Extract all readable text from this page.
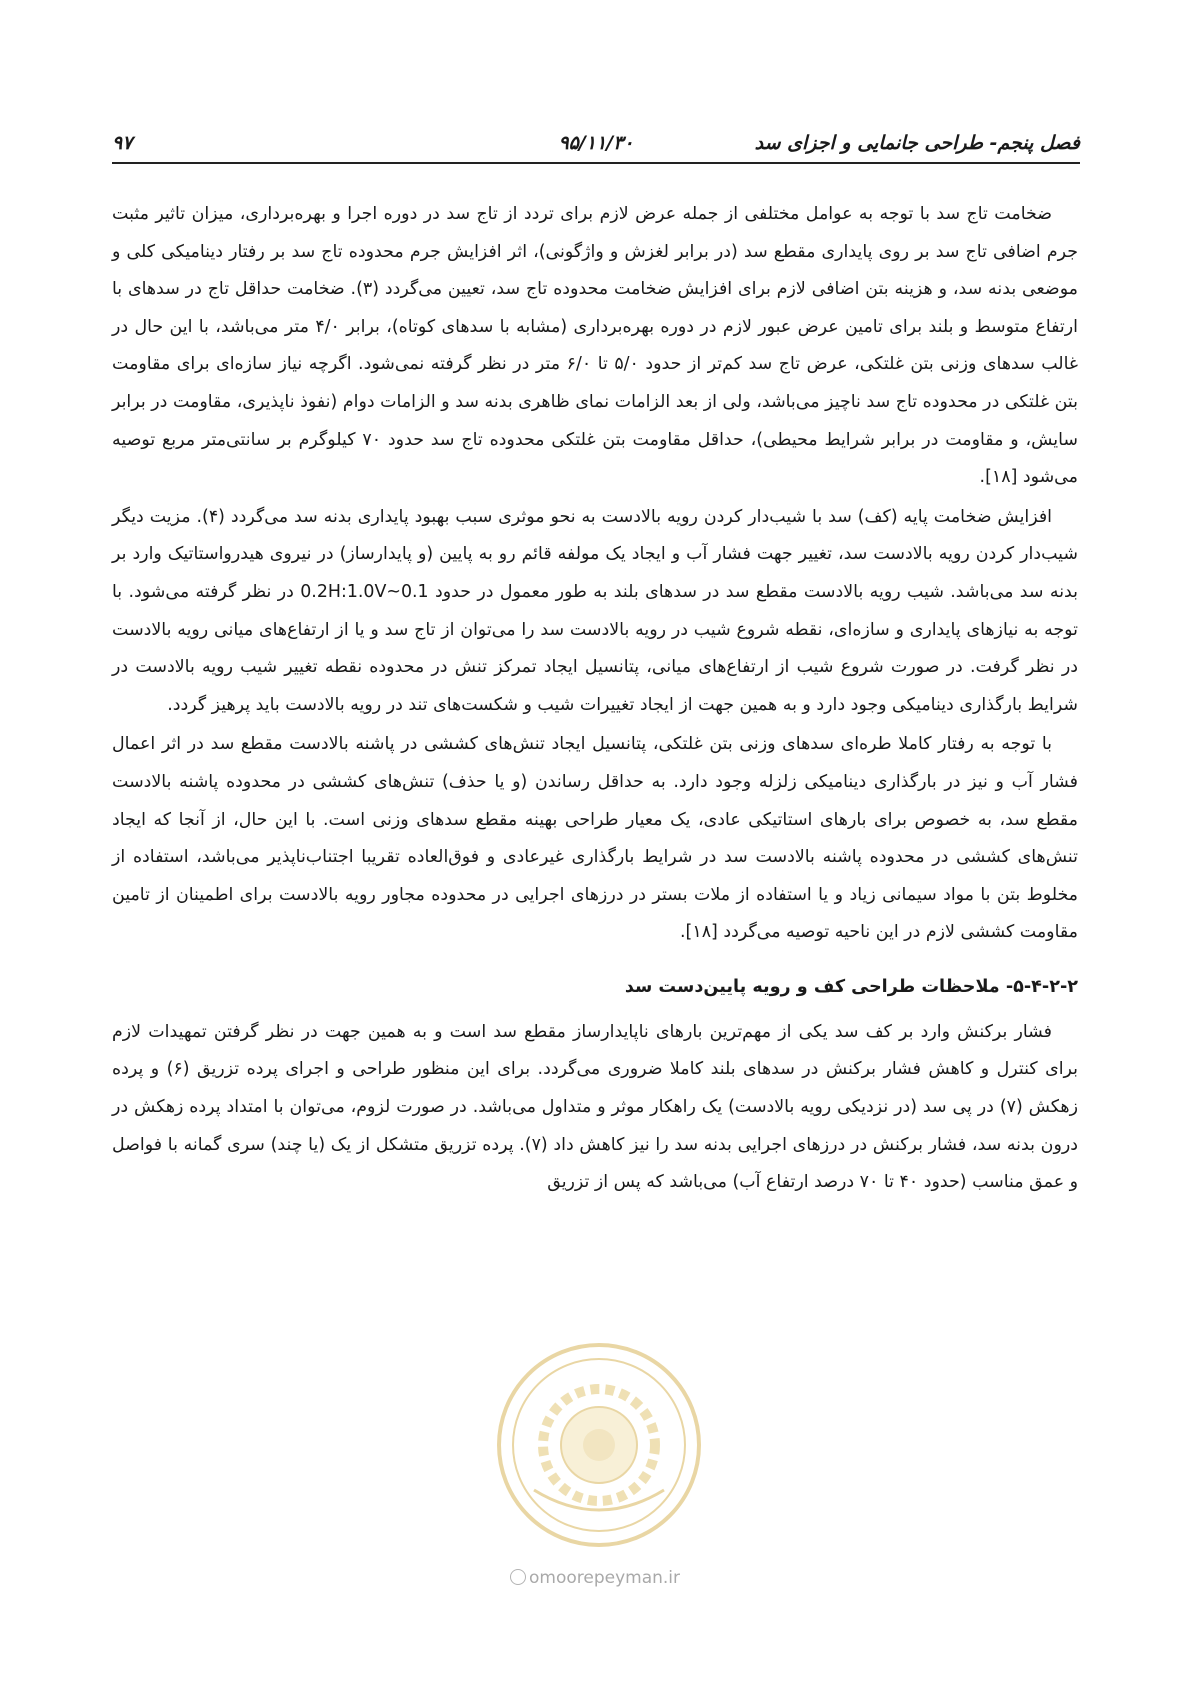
فصل پنجم- طراحی جانمایی و اجزای سد
۹۵/۱۱/۳۰
۹۷

ضخامت تاج سد با توجه به عوامل مختلفی از جمله عرض لازم برای تردد از تاج سد در دوره اجرا و بهره‌برداری، میزان تاثیر مثبت جرم اضافی تاج سد بر روی پایداری مقطع سد (در برابر لغزش و واژگونی)، اثر افزایش جرم محدوده تاج سد بر رفتار دینامیکی کلی و موضعی بدنه سد، و هزینه بتن اضافی لازم برای افزایش ضخامت محدوده تاج سد، تعیین می‌گردد (۳). ضخامت حداقل تاج در سدهای با ارتفاع متوسط و بلند برای تامین عرض عبور لازم در دوره بهره‌برداری (مشابه با سدهای کوتاه)، برابر ۴/۰ متر می‌باشد، با این حال در غالب سدهای وزنی بتن غلتکی، عرض تاج سد کم‌تر از حدود ۵/۰ تا ۶/۰ متر در نظر گرفته نمی‌شود. اگرچه نیاز سازه‌ای برای مقاومت بتن غلتکی در محدوده تاج سد ناچیز می‌باشد، ولی از بعد الزامات نمای ظاهری بدنه سد و الزامات دوام (نفوذ ناپذیری، مقاومت در برابر سایش، و مقاومت در برابر شرایط محیطی)، حداقل مقاومت بتن غلتکی محدوده تاج سد حدود ۷۰ کیلوگرم بر سانتی‌متر مربع توصیه می‌شود [۱۸].

افزایش ضخامت پایه (کف) سد با شیب‌دار کردن رویه بالادست به نحو موثری سبب بهبود پایداری بدنه سد می‌گردد (۴). مزیت دیگر شیب‌دار کردن رویه بالادست سد، تغییر جهت فشار آب و ایجاد یک مولفه قائم رو به پایین (و پایدارساز) در نیروی هیدرواستاتیک وارد بر بدنه سد می‌باشد. شیب رویه بالادست مقطع سد در سدهای بلند به طور معمول در حدود 0.1~0.2H:1.0V در نظر گرفته می‌شود. با توجه به نیازهای پایداری و سازه‌ای، نقطه شروع شیب در رویه بالادست سد را می‌توان از تاج سد و یا از ارتفاع‌های میانی رویه بالادست در نظر گرفت. در صورت شروع شیب از ارتفاع‌های میانی، پتانسیل ایجاد تمرکز تنش در محدوده نقطه تغییر شیب رویه بالادست در شرایط بارگذاری دینامیکی وجود دارد و به همین جهت از ایجاد تغییرات شیب و شکست‌های تند در رویه بالادست باید پرهیز گردد.

با توجه به رفتار کاملا طره‌ای سدهای وزنی بتن غلتکی، پتانسیل ایجاد تنش‌های کششی در پاشنه بالادست مقطع سد در اثر اعمال فشار آب و نیز در بارگذاری دینامیکی زلزله وجود دارد. به حداقل رساندن (و یا حذف) تنش‌های کششی در محدوده پاشنه بالادست مقطع سد، به خصوص برای بارهای استاتیکی عادی، یک معیار طراحی بهینه مقطع سدهای وزنی است. با این حال، از آنجا که ایجاد تنش‌های کششی در محدوده پاشنه بالادست سد در شرایط بارگذاری غیرعادی و فوق‌العاده تقریبا اجتناب‌ناپذیر می‌باشد، استفاده از مخلوط بتن با مواد سیمانی زیاد و یا استفاده از ملات بستر در درزهای اجرایی در محدوده مجاور رویه بالادست برای اطمینان از تامین مقاومت کششی لازم در این ناحیه توصیه می‌گردد [۱۸].

۵-۴-۲-۲- ملاحظات طراحی کف و رویه پایین‌دست سد

فشار برکنش وارد بر کف سد یکی از مهم‌ترین بارهای ناپایدارساز مقطع سد است و به همین جهت در نظر گرفتن تمهیدات لازم برای کنترل و کاهش فشار برکنش در سدهای بلند کاملا ضروری می‌گردد. برای این منظور طراحی و اجرای پرده تزریق (۶) و پرده زهکش (۷) در پی سد (در نزدیکی رویه بالادست) یک راهکار موثر و متداول می‌باشد. در صورت لزوم، می‌توان با امتداد پرده زهکش در درون بدنه سد، فشار برکنش در درزهای اجرایی بدنه سد را نیز کاهش داد (۷). پرده تزریق متشکل از یک (یا چند) سری گمانه با فواصل و عمق مناسب (حدود ۴۰ تا ۷۰ درصد ارتفاع آب) می‌باشد که پس از تزریق

omoorepeyman.ir
